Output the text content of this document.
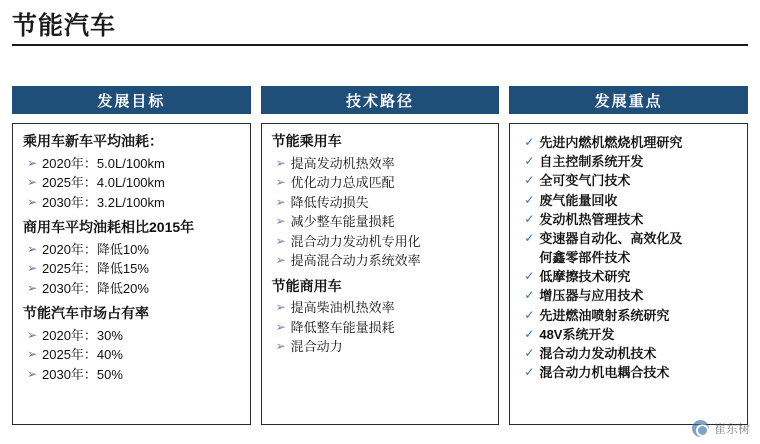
节能汽车
发展目标
乘用车新车平均油耗：
➢ 2020年：5.0L/100km
➢ 2025年：4.0L/100km
➢ 2030年：3.2L/100km
商用车平均油耗相比2015年
➢ 2020年：降低10%
➢ 2025年：降低15%
➢ 2030年：降低20%
节能汽车市场占有率
➢ 2020年：30%
➢ 2025年：40%
➢ 2030年：50%
技术路径
节能乘用车
➢ 提高发动机热效率
➢ 优化动力总成匹配
➢ 降低传动损失
➢ 减少整车能量损耗
➢ 混合动力发动机专用化
➢ 提高混合动力系统效率
节能商用车
➢ 提高柴油机热效率
➢ 降低整车能量损耗
➢ 混合动力
发展重点
✓ 先进内燃机燃烧机理研究
✓ 自主控制系统开发
✓ 全可变气门技术
✓ 废气能量回收
✓ 发动机热管理技术
✓ 变速器自动化、高效化及
何鑫零部件技术
✓ 低摩擦技术研究
✓ 增压器与应用技术
✓ 先进燃油喷射系统研究
✓ 48V系统开发
✓ 混合动力发动机技术
✓ 混合动力机电耦合技术
崔东树
